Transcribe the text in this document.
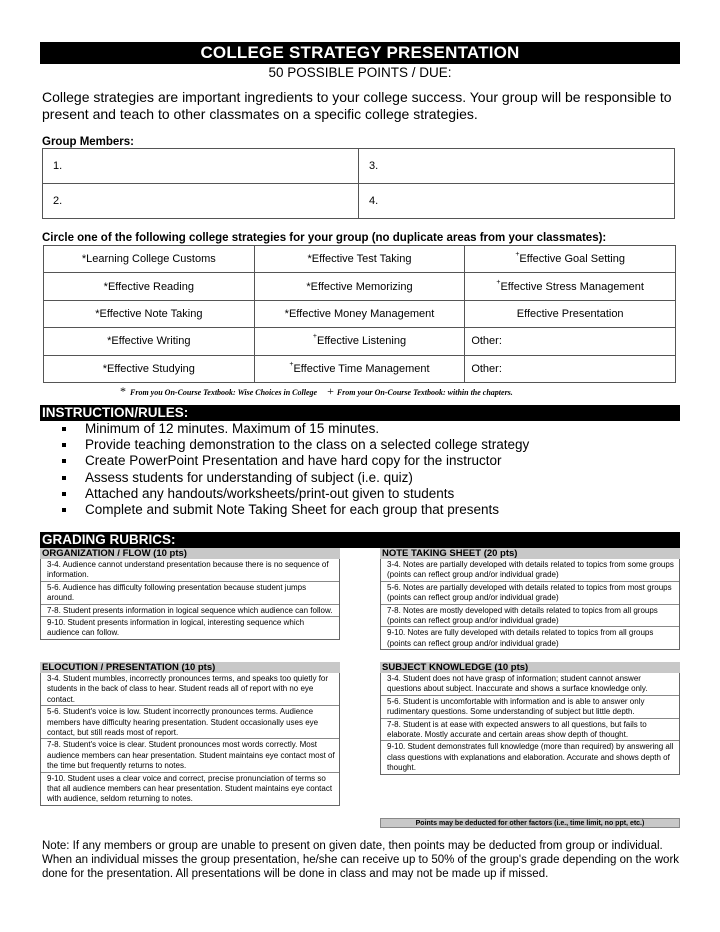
COLLEGE STRATEGY PRESENTATION
50 POSSIBLE POINTS / DUE:
College strategies are important ingredients to your college success. Your group will be responsible to present and teach to other classmates on a specific college strategies.
Group Members:
1.	3.
2.	4.
Circle one of the following college strategies for your group (no duplicate areas from your classmates):
*Learning College Customs	*Effective Test Taking	+Effective Goal Setting
*Effective Reading	*Effective Memorizing	+Effective Stress Management
*Effective Note Taking	*Effective Money Management	Effective Presentation
*Effective Writing	+Effective Listening	Other:
*Effective Studying	+Effective Time Management	Other:
* From you On-Course Textbook: Wise Choices in College + From your On-Course Textbook: within the chapters.
INSTRUCTION/RULES:
Minimum of 12 minutes. Maximum of 15 minutes.
Provide teaching demonstration to the class on a selected college strategy
Create PowerPoint Presentation and have hard copy for the instructor
Assess students for understanding of subject (i.e. quiz)
Attached any handouts/worksheets/print-out given to students
Complete and submit Note Taking Sheet for each group that presents
GRADING RUBRICS:
ORGANIZATION / FLOW (10 pts)
3-4. Audience cannot understand presentation because there is no sequence of information.
5-6. Audience has difficulty following presentation because student jumps around.
7-8. Student presents information in logical sequence which audience can follow.
9-10. Student presents information in logical, interesting sequence which audience can follow.
NOTE TAKING SHEET (20 pts)
3-4. Notes are partially developed with details related to topics from some groups (points can reflect group and/or individual grade)
5-6. Notes are partially developed with details related to topics from most groups (points can reflect group and/or individual grade)
7-8. Notes are mostly developed with details related to topics from all groups (points can reflect group and/or individual grade)
9-10. Notes are fully developed with details related to topics from all groups (points can reflect group and/or individual grade)
ELOCUTION / PRESENTATION (10 pts)
3-4. Student mumbles, incorrectly pronounces terms, and speaks too quietly for students in the back of class to hear. Student reads all of report with no eye contact.
5-6. Student's voice is low. Student incorrectly pronounces terms. Audience members have difficulty hearing presentation. Student occasionally uses eye contact, but still reads most of report.
7-8. Student's voice is clear. Student pronounces most words correctly. Most audience members can hear presentation. Student maintains eye contact most of the time but frequently returns to notes.
9-10. Student uses a clear voice and correct, precise pronunciation of terms so that all audience members can hear presentation. Student maintains eye contact with audience, seldom returning to notes.
SUBJECT KNOWLEDGE (10 pts)
3-4. Student does not have grasp of information; student cannot answer questions about subject. Inaccurate and shows a surface knowledge only.
5-6. Student is uncomfortable with information and is able to answer only rudimentary questions. Some understanding of subject but little depth.
7-8. Student is at ease with expected answers to all questions, but fails to elaborate. Mostly accurate and certain areas show depth of thought.
9-10. Student demonstrates full knowledge (more than required) by answering all class questions with explanations and elaboration. Accurate and shows depth of thought.
Points may be deducted for other factors (i.e., time limit, no ppt, etc.)
Note: If any members or group are unable to present on given date, then points may be deducted from group or individual. When an individual misses the group presentation, he/she can receive up to 50% of the group's grade depending on the work done for the presentation. All presentations will be done in class and may not be made up if missed.
